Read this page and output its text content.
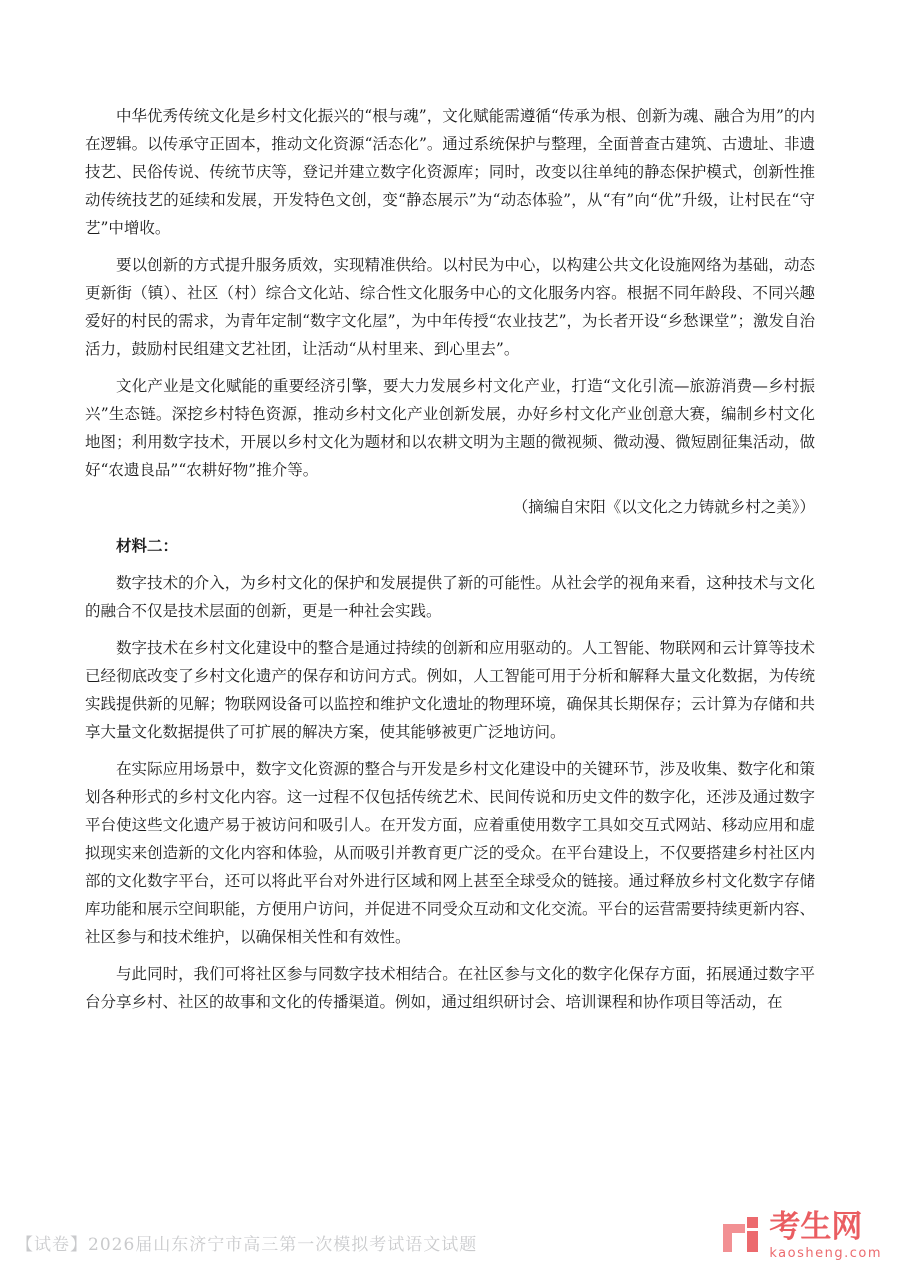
中华优秀传统文化是乡村文化振兴的“根与魂”，文化赋能需遵循“传承为根、创新为魂、融合为用”的内在逻辑。以传承守正固本，推动文化资源“活态化”。通过系统保护与整理，全面普查古建筑、古遗址、非遗技艺、民俗传说、传统节庆等，登记并建立数字化资源库；同时，改变以往单纯的静态保护模式，创新性推动传统技艺的延续和发展，开发特色文创，变“静态展示”为“动态体验”，从“有”向“优”升级，让村民在“守艺”中增收。

要以创新的方式提升服务质效，实现精准供给。以村民为中心，以构建公共文化设施网络为基础，动态更新街（镇）、社区（村）综合文化站、综合性文化服务中心的文化服务内容。根据不同年龄段、不同兴趣爱好的村民的需求，为青年定制“数字文化屋”，为中年传授“农业技艺”，为长者开设“乡愁课堂”；激发自治活力，鼓励村民组建文艺社团，让活动“从村里来、到心里去”。

文化产业是文化赋能的重要经济引擎，要大力发展乡村文化产业，打造“文化引流—旅游消费—乡村振兴”生态链。深挖乡村特色资源，推动乡村文化产业创新发展，办好乡村文化产业创意大赛，编制乡村文化地图；利用数字技术，开展以乡村文化为题材和以农耕文明为主题的微视频、微动漫、微短剧征集活动，做好“农遗良品”“农耕好物”推介等。

（摘编自宋阳《以文化之力铸就乡村之美》）

材料二：

数字技术的介入，为乡村文化的保护和发展提供了新的可能性。从社会学的视角来看，这种技术与文化的融合不仅是技术层面的创新，更是一种社会实践。

数字技术在乡村文化建设中的整合是通过持续的创新和应用驱动的。人工智能、物联网和云计算等技术已经彻底改变了乡村文化遗产的保存和访问方式。例如，人工智能可用于分析和解释大量文化数据，为传统实践提供新的见解；物联网设备可以监控和维护文化遗址的物理环境，确保其长期保存；云计算为存储和共享大量文化数据提供了可扩展的解决方案，使其能够被更广泛地访问。

在实际应用场景中，数字文化资源的整合与开发是乡村文化建设中的关键环节，涉及收集、数字化和策划各种形式的乡村文化内容。这一过程不仅包括传统艺术、民间传说和历史文件的数字化，还涉及通过数字平台使这些文化遗产易于被访问和吸引人。在开发方面，应着重使用数字工具如交互式网站、移动应用和虚拟现实来创造新的文化内容和体验，从而吸引并教育更广泛的受众。在平台建设上，不仅要搭建乡村社区内部的文化数字平台，还可以将此平台对外进行区域和网上甚至全球受众的链接。通过释放乡村文化数字存储库功能和展示空间职能，方便用户访问，并促进不同受众互动和文化交流。平台的运营需要持续更新内容、社区参与和技术维护，以确保相关性和有效性。

与此同时，我们可将社区参与同数字技术相结合。在社区参与文化的数字化保存方面，拓展通过数字平台分享乡村、社区的故事和文化的传播渠道。例如，通过组织研讨会、培训课程和协作项目等活动，在

【试卷】2026届山东济宁市高三第一次模拟考试语文试题
考生网
kaosheng.com
